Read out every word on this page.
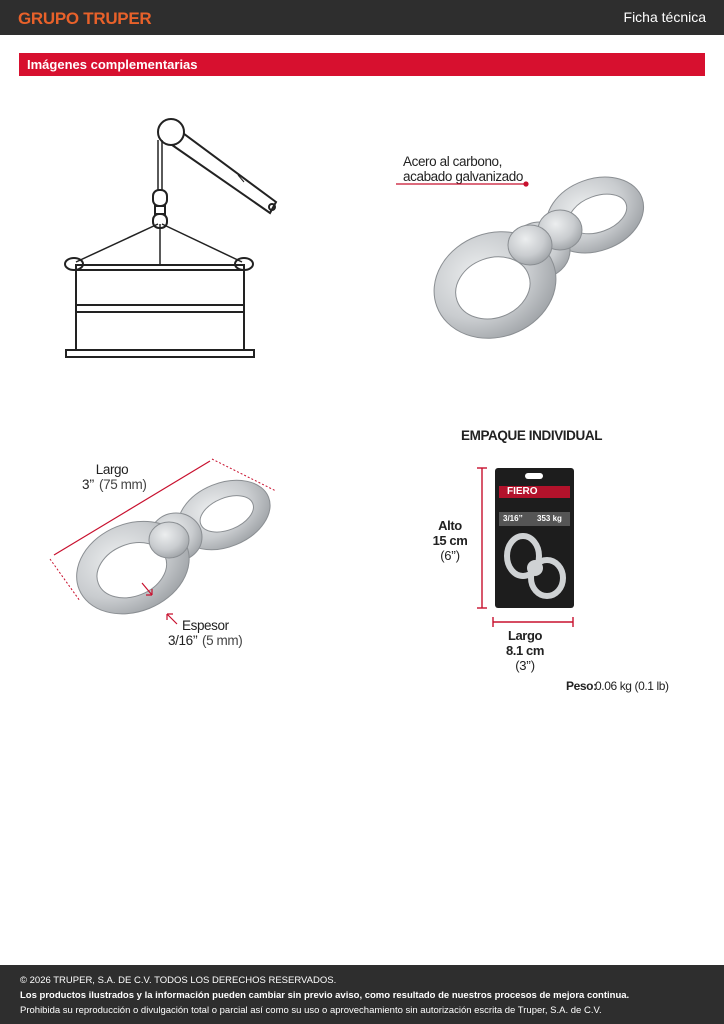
GRUPO TRUPER	Ficha técnica
Imágenes complementarias
Acero al carbono,
acabado galvanizado
Largo
3’’ (75 mm)
Espesor
3/16’’ (5 mm)
EMPAQUE INDIVIDUAL
FIERO
3/16’’ 353 kg
Alto
15 cm
(6’’)
Largo
8.1 cm
(3’’)
Peso:
0.06 kg (0.1 lb)
© 2026 TRUPER, S.A. DE C.V. TODOS LOS DERECHOS RESERVADOS.
Los productos ilustrados y la información pueden cambiar sin previo aviso, como resultado de nuestros procesos de mejora continua.
Prohibida su reproducción o divulgación total o parcial así como su uso o aprovechamiento sin autorización escrita de Truper, S.A. de C.V.
